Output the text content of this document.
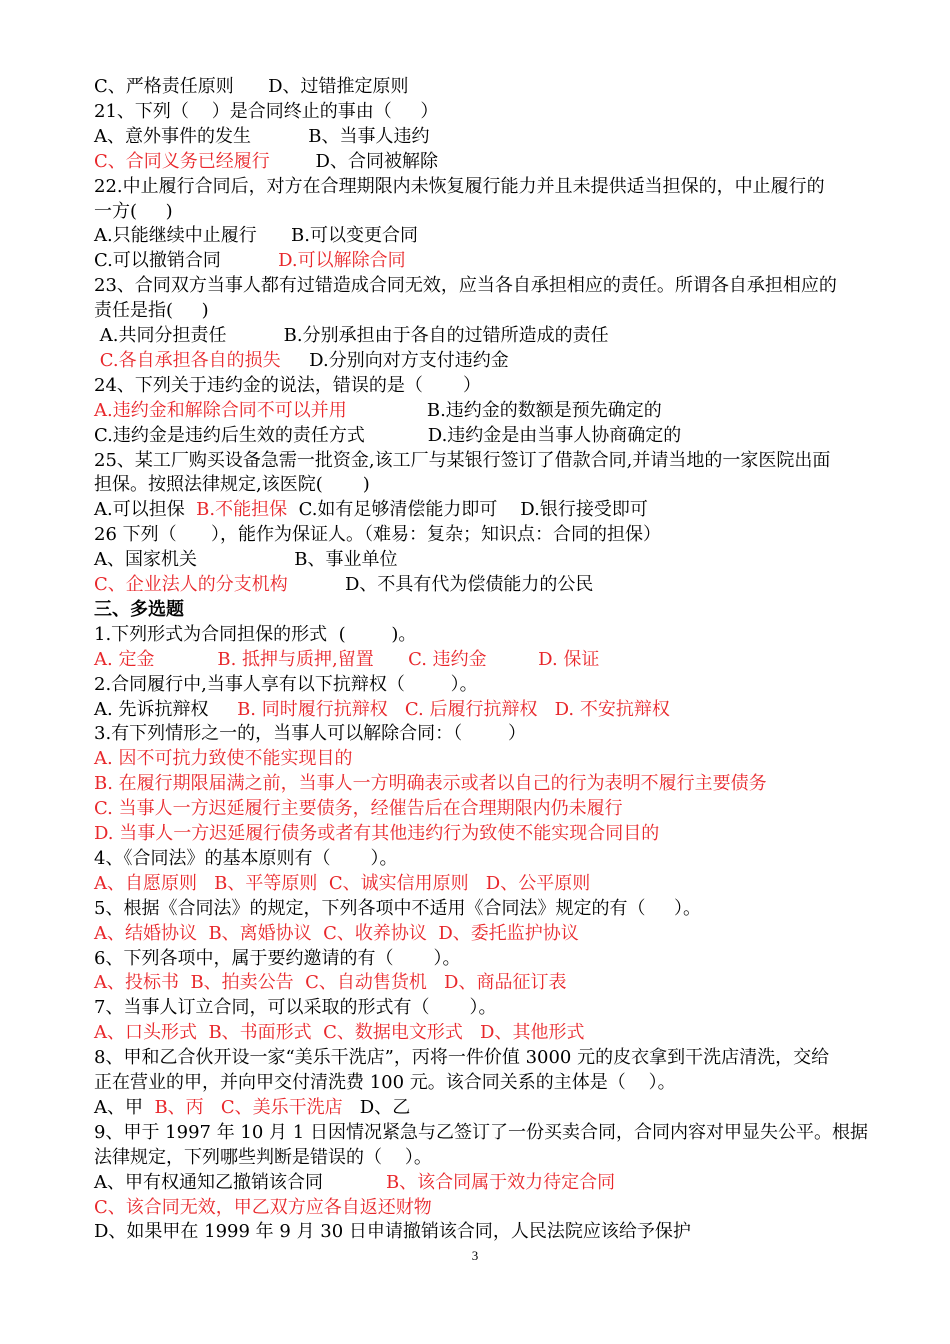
C、严格责任原则      D、过错推定原则
21、下列（    ）是合同终止的事由（     ）
A、意外事件的发生          B、当事人违约
C、合同义务已经履行        D、合同被解除
22.中止履行合同后，对方在合理期限内未恢复履行能力并且未提供适当担保的，中止履行的
一方(     )
A.只能继续中止履行      B.可以变更合同
C.可以撤销合同          D.可以解除合同
23、合同双方当事人都有过错造成合同无效，应当各自承担相应的责任。所谓各自承担相应的
责任是指(     )
A.共同分担责任          B.分别承担由于各自的过错所造成的责任
C.各自承担各自的损失     D.分别向对方支付违约金
24、下列关于违约金的说法，错误的是（       ）
A.违约金和解除合同不可以并用              B.违约金的数额是预先确定的
C.违约金是违约后生效的责任方式           D.违约金是由当事人协商确定的
25、某工厂购买设备急需一批资金,该工厂与某银行签订了借款合同,并请当地的一家医院出面
担保。按照法律规定,该医院(       )
A.可以担保  B.不能担保  C.如有足够清偿能力即可    D.银行接受即可
26 下列（      ），能作为保证人。（难易：复杂；知识点：合同的担保）
A、国家机关                 B、事业单位
C、企业法人的分支机构          D、不具有代为偿债能力的公民
三、多选题
1.下列形式为合同担保的形式  (        )。
A. 定金           B. 抵押与质押,留置      C. 违约金         D. 保证
2.合同履行中,当事人享有以下抗辩权（        ）。
A. 先诉抗辩权     B. 同时履行抗辩权   C. 后履行抗辩权   D. 不安抗辩权
3.有下列情形之一的，当事人可以解除合同：（        ）
A. 因不可抗力致使不能实现目的
B. 在履行期限届满之前，当事人一方明确表示或者以自己的行为表明不履行主要债务
C. 当事人一方迟延履行主要债务，经催告后在合理期限内仍未履行
D. 当事人一方迟延履行债务或者有其他违约行为致使不能实现合同目的
4、《合同法》的基本原则有（       ）。
A、自愿原则   B、平等原则  C、诚实信用原则   D、公平原则
5、根据《合同法》的规定，下列各项中不适用《合同法》规定的有（     ）。
A、结婚协议  B、离婚协议  C、收养协议  D、委托监护协议
6、下列各项中，属于要约邀请的有（       ）。
A、投标书  B、拍卖公告  C、自动售货机   D、商品征订表
7、当事人订立合同，可以采取的形式有（       ）。
A、口头形式  B、书面形式  C、数据电文形式   D、其他形式
8、甲和乙合伙开设一家“美乐干洗店”，丙将一件价值 3000 元的皮衣拿到干洗店清洗，交给
正在营业的甲，并向甲交付清洗费 100 元。该合同关系的主体是（    ）。
A、甲  B、丙   C、美乐干洗店   D、乙
9、甲于 1997 年 10 月 1 日因情况紧急与乙签订了一份买卖合同，合同内容对甲显失公平。根据
法律规定，下列哪些判断是错误的（    ）。
A、甲有权通知乙撤销该合同           B、该合同属于效力待定合同
C、该合同无效，甲乙双方应各自返还财物
D、如果甲在 1999 年 9 月 30 日申请撤销该合同，人民法院应该给予保护
3
